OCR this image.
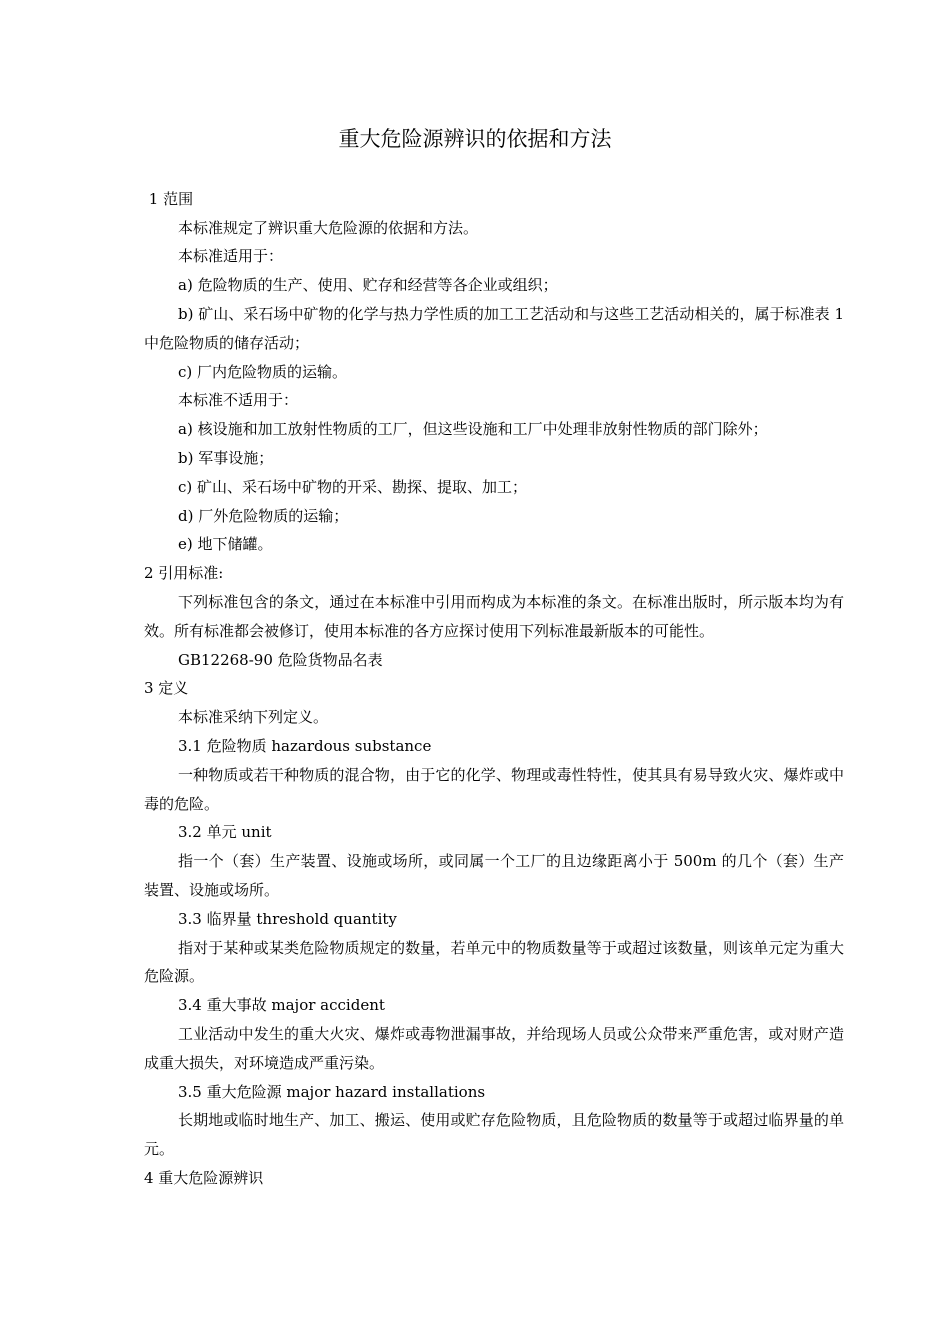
重大危险源辨识的依据和方法
1 范围
本标准规定了辨识重大危险源的依据和方法。
本标准适用于：
a) 危险物质的生产、使用、贮存和经营等各企业或组织；

b) 矿山、采石场中矿物的化学与热力学性质的加工工艺活动和与这些工艺活动相关的，属于标准表 1 中危险物质的储存活动；

c) 厂内危险物质的运输。
本标准不适用于：
a) 核设施和加工放射性物质的工厂，但这些设施和工厂中处理非放射性物质的部门除外；
b) 军事设施；
c) 矿山、采石场中矿物的开采、勘探、提取、加工；
d) 厂外危险物质的运输；
e) 地下储罐。
2 引用标准:

下列标准包含的条文，通过在本标准中引用而构成为本标准的条文。在标准出版时，所示版本均为有效。所有标准都会被修订，使用本标准的各方应探讨使用下列标准最新版本的可能性。

GB12268-90 危险货物品名表
3 定义
本标准采纳下列定义。
3.1 危险物质 hazardous substance

一种物质或若干种物质的混合物，由于它的化学、物理或毒性特性，使其具有易导致火灾、爆炸或中毒的危险。

3.2 单元 unit

指一个（套）生产装置、设施或场所，或同属一个工厂的且边缘距离小于 500m 的几个（套）生产装置、设施或场所。

3.3 临界量 threshold quantity

指对于某种或某类危险物质规定的数量，若单元中的物质数量等于或超过该数量，则该单元定为重大危险源。

3.4 重大事故 major accident

工业活动中发生的重大火灾、爆炸或毒物泄漏事故，并给现场人员或公众带来严重危害，或对财产造成重大损失，对环境造成严重污染。

3.5 重大危险源 major hazard installations

长期地或临时地生产、加工、搬运、使用或贮存危险物质，且危险物质的数量等于或超过临界量的单元。

4 重大危险源辨识
